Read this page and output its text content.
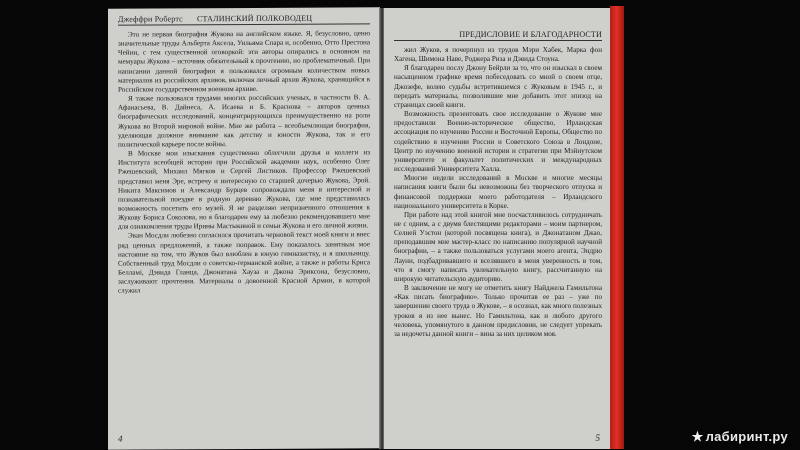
Джеффри Робертс СТАЛИНСКИЙ ПОЛКОВОДЕЦ

Это не первая биография Жукова на английском языке. Я, безусловно, ценю значительные труды Альберта Аксела, Уильяма Спара и, особенно, Отто Престона Чейни, с тем существенной оговоркой: эти авторы опирались в основном на мемуары Жукова – источник обязательный к прочтению, но проблематичный. При написании данной биографии я пользовался огромным количеством новых материалов из российских архивов, включая личный архив Жукова, хранящийся в Российском государственном военном архиве.

Я также пользовался трудами многих российских ученых, в частности В. А. Афанасьева, В. Дайнеса, А. Исаева и Б. Краснова – авторов ценных биографических исследований, концентрирующихся преимущественно на роли Жукова во Второй мировой войне. Мне же работа – всеобъемлющая биография, уделяющая должное внимание как детству и юности Жукова, так и его политической карьере после войны.

В Москве мои изыскания существенно облегчили друзья и коллеги из Института всеобщей истории при Российской академии наук, особенно Олег Ржешевский, Михаил Мягков и Сергей Листиков. Профессор Ржешевский представил меня Эре, встречу и интересную со старшей дочерью Жукова, Эрой. Никита Максимов и Александр Бурцев сопровождали меня в интересной и познавательной поездке в родную деревню Жукова, где мне представилась возможность посетить его музей. Я не разделяю непризненного отношения к Жукову Бориса Соколова, но я благодарен ему за любезно рекомендовавшего мне для ознакомления труды Ирины Мастыкиной и семьи Жукова и его личной жизни.

Эван Мосдли любезно согласился прочитать черновой текст моей книги и внес ряд ценных предложений, а также поправок. Ему показалось занятным мое настояние на том, что Жуков был влюблен в юную гимназистку, и я школьницу. Собственный труд Мосдли о советско-германской войне, а также и работы Криса Белламі, Дэвида Гланца, Джонатана Хауза и Джона Эриксона, безусловно, заслуживают прочтения. Материалы о довоенной Красной Армии, в которой служил

4
ПРЕДИСЛОВИЕ И БЛАГОДАРНОСТИ

жил Жуков, я почерпнул из трудов Мэри Хабек, Марка фон Хагена, Шимона Наве, Роджера Риза и Дэвида Стоуна.

Я благодарен послу Джону Бейрли за то, что он изыскал в своем насыщенном графике время побеседовать со мной о своем отце, Джозефе, волею судьбы встретившемся с Жуковым в 1945 г., и передать материалы, позволившие мне добавить этот эпизод на страницах своей книги.

Возможность презентовать свое исследование о Жукове мне предоставили Военно-историческое общество, Ирландская ассоциация по изучению России и Восточной Европы, Общество по содействию в изучении России и Советского Союза в Лондоне, Центр по изучению военной истории и стратегии при Мэйнутском университете и факультет политических и международных исследований Университета Халла.

Многие недели исследований в Москве и многие месяцы написания книги были бы невозможны без творческого отпуска и финансовой поддержки моего работодателя – Ирландского национального университета в Корке.

При работе над этой книгой мне посчастливилось сотрудничать не с одним, а с двумя блестящими редакторами – моим партнером, Селией Уэстон (которой посвящена книга), и Джонатаном Джао, преподавшим мне мастер-класс по написанию популярной научной биографии, – а также пользоваться услугами моего агента, Эндрю Лауни, подбадривавшего и вселявшего в меня уверенность в том, что я смогу написать увлекательную книгу, рассчитанную на широкую читательскую аудиторию.

В заключение не могу не отметить книгу Найджела Гамильтона «Как писать биографию». Только прочитав ее раз – уже по завершении своего труда о Жукове, – я осознал, как много полезных уроков я из нее вынес. Но Гамильтона, как и любого другого человека, упомянутого в данном предисловии, не следует упрекать за недочеты данной книги – вина за них целиком моя.

5	★ лабиринт.ру
